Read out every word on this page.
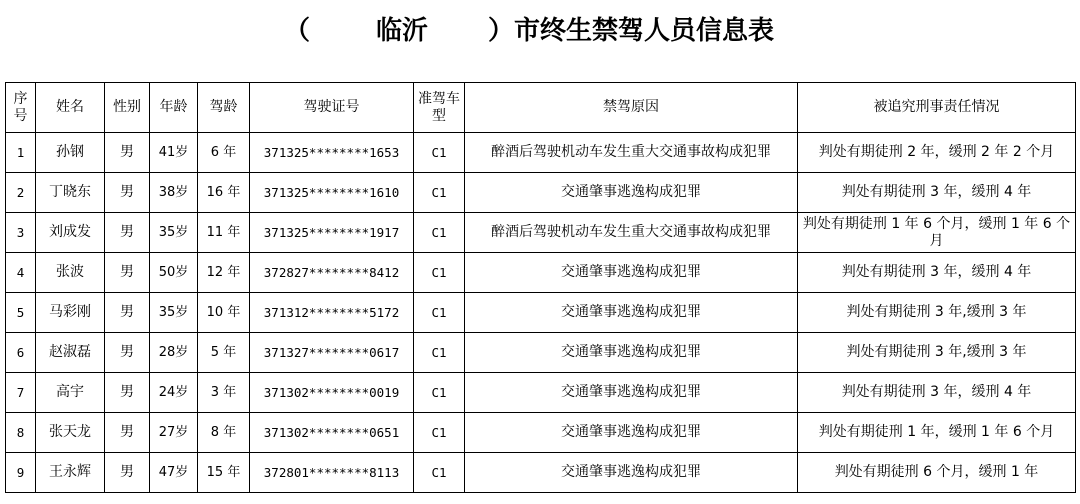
（	临沂 ）市终生禁驾人员信息表
序号	姓名	性别	年龄	驾龄	驾驶证号	准驾车型	禁驾原因	被追究刑事责任情况
1	孙钢	男	41岁	6 年	371325********1653	C1	醉酒后驾驶机动车发生重大交通事故构成犯罪	判处有期徒刑 2 年，缓刑 2 年 2 个月
2	丁晓东	男	38岁	16 年	371325********1610	C1	交通肇事逃逸构成犯罪	判处有期徒刑 3 年，缓刑 4 年
3	刘成发	男	35岁	11 年	371325********1917	C1	醉酒后驾驶机动车发生重大交通事故构成犯罪	判处有期徒刑 1 年 6 个月，缓刑 1 年 6 个月
4	张波	男	50岁	12 年	372827********8412	C1	交通肇事逃逸构成犯罪	判处有期徒刑 3 年，缓刑 4 年
5	马彩刚	男	35岁	10 年	371312********5172	C1	交通肇事逃逸构成犯罪	判处有期徒刑 3 年,缓刑 3 年
6	赵淑磊	男	28岁	5 年	371327********0617	C1	交通肇事逃逸构成犯罪	判处有期徒刑 3 年,缓刑 3 年
7	高宇	男	24岁	3 年	371302********0019	C1	交通肇事逃逸构成犯罪	判处有期徒刑 3 年，缓刑 4 年
8	张天龙	男	27岁	8 年	371302********0651	C1	交通肇事逃逸构成犯罪	判处有期徒刑 1 年，缓刑 1 年 6 个月
9	王永辉	男	47岁	15 年	372801********8113	C1	交通肇事逃逸构成犯罪	判处有期徒刑 6 个月，缓刑 1 年
